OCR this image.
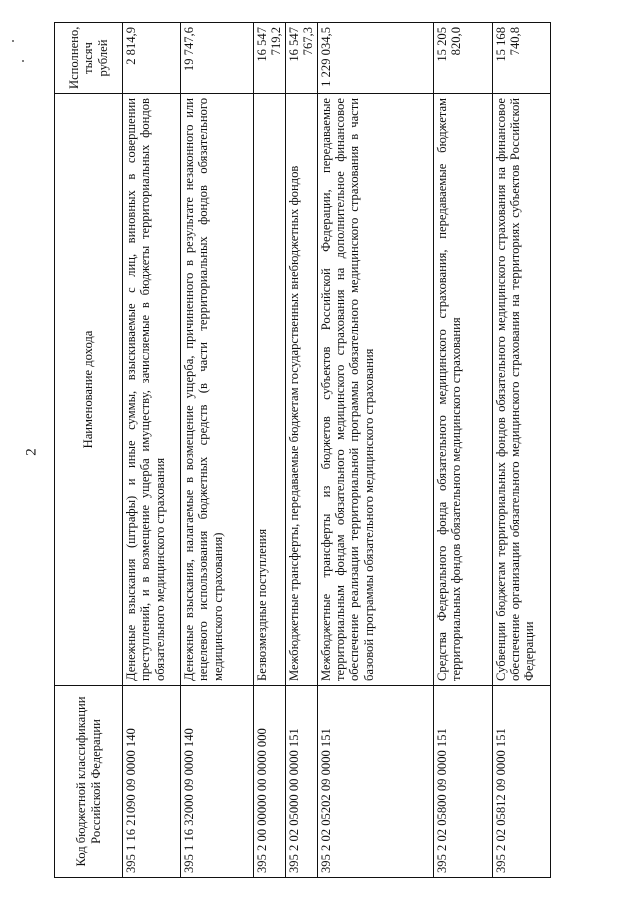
2
Код бюджетной классификации Российской Федерации	Наименование дохода	Исполнено, тысяч рублей
395 1 16 21090 09 0000 140	Денежные взыскания (штрафы) и иные суммы, взыскиваемые с лиц, виновных в совершении преступлений, и в возмещение ущерба имуществу, зачисляемые в бюджеты территориальных фондов обязательного медицинского страхования	2 814,9
395 1 16 32000 09 0000 140	Денежные взыскания, налагаемые в возмещение ущерба, причиненного в результате незаконного или нецелевого использования бюджетных средств (в части территориальных фондов обязательного медицинского страхования)	19 747,6
395 2 00 00000 00 0000 000	Безвозмездные поступления	16 547 719,2
395 2 02 05000 00 0000 151	Межбюджетные трансферты, передаваемые бюджетам государственных внебюджетных фондов	16 547 767,3
395 2 02 05202 09 0000 151	Межбюджетные трансферты из бюджетов субъектов Российской Федерации, передаваемые территориальным фондам обязательного медицинского страхования на дополнительное финансовое обеспечение реализации территориальной программы обязательного медицинского страхования в части базовой программы обязательного медицинского страхования	1 229 034,5
395 2 02 05800 09 0000 151	Средства Федерального фонда обязательного медицинского страхования, передаваемые бюджетам территориальных фондов обязательного медицинского страхования	15 205 820,0
395 2 02 05812 09 0000 151	Субвенции бюджетам территориальных фондов обязательного медицинского страхования на финансовое обеспечение организации обязательного медицинского страхования на территориях субъектов Российской Федерации	15 168 740,8
